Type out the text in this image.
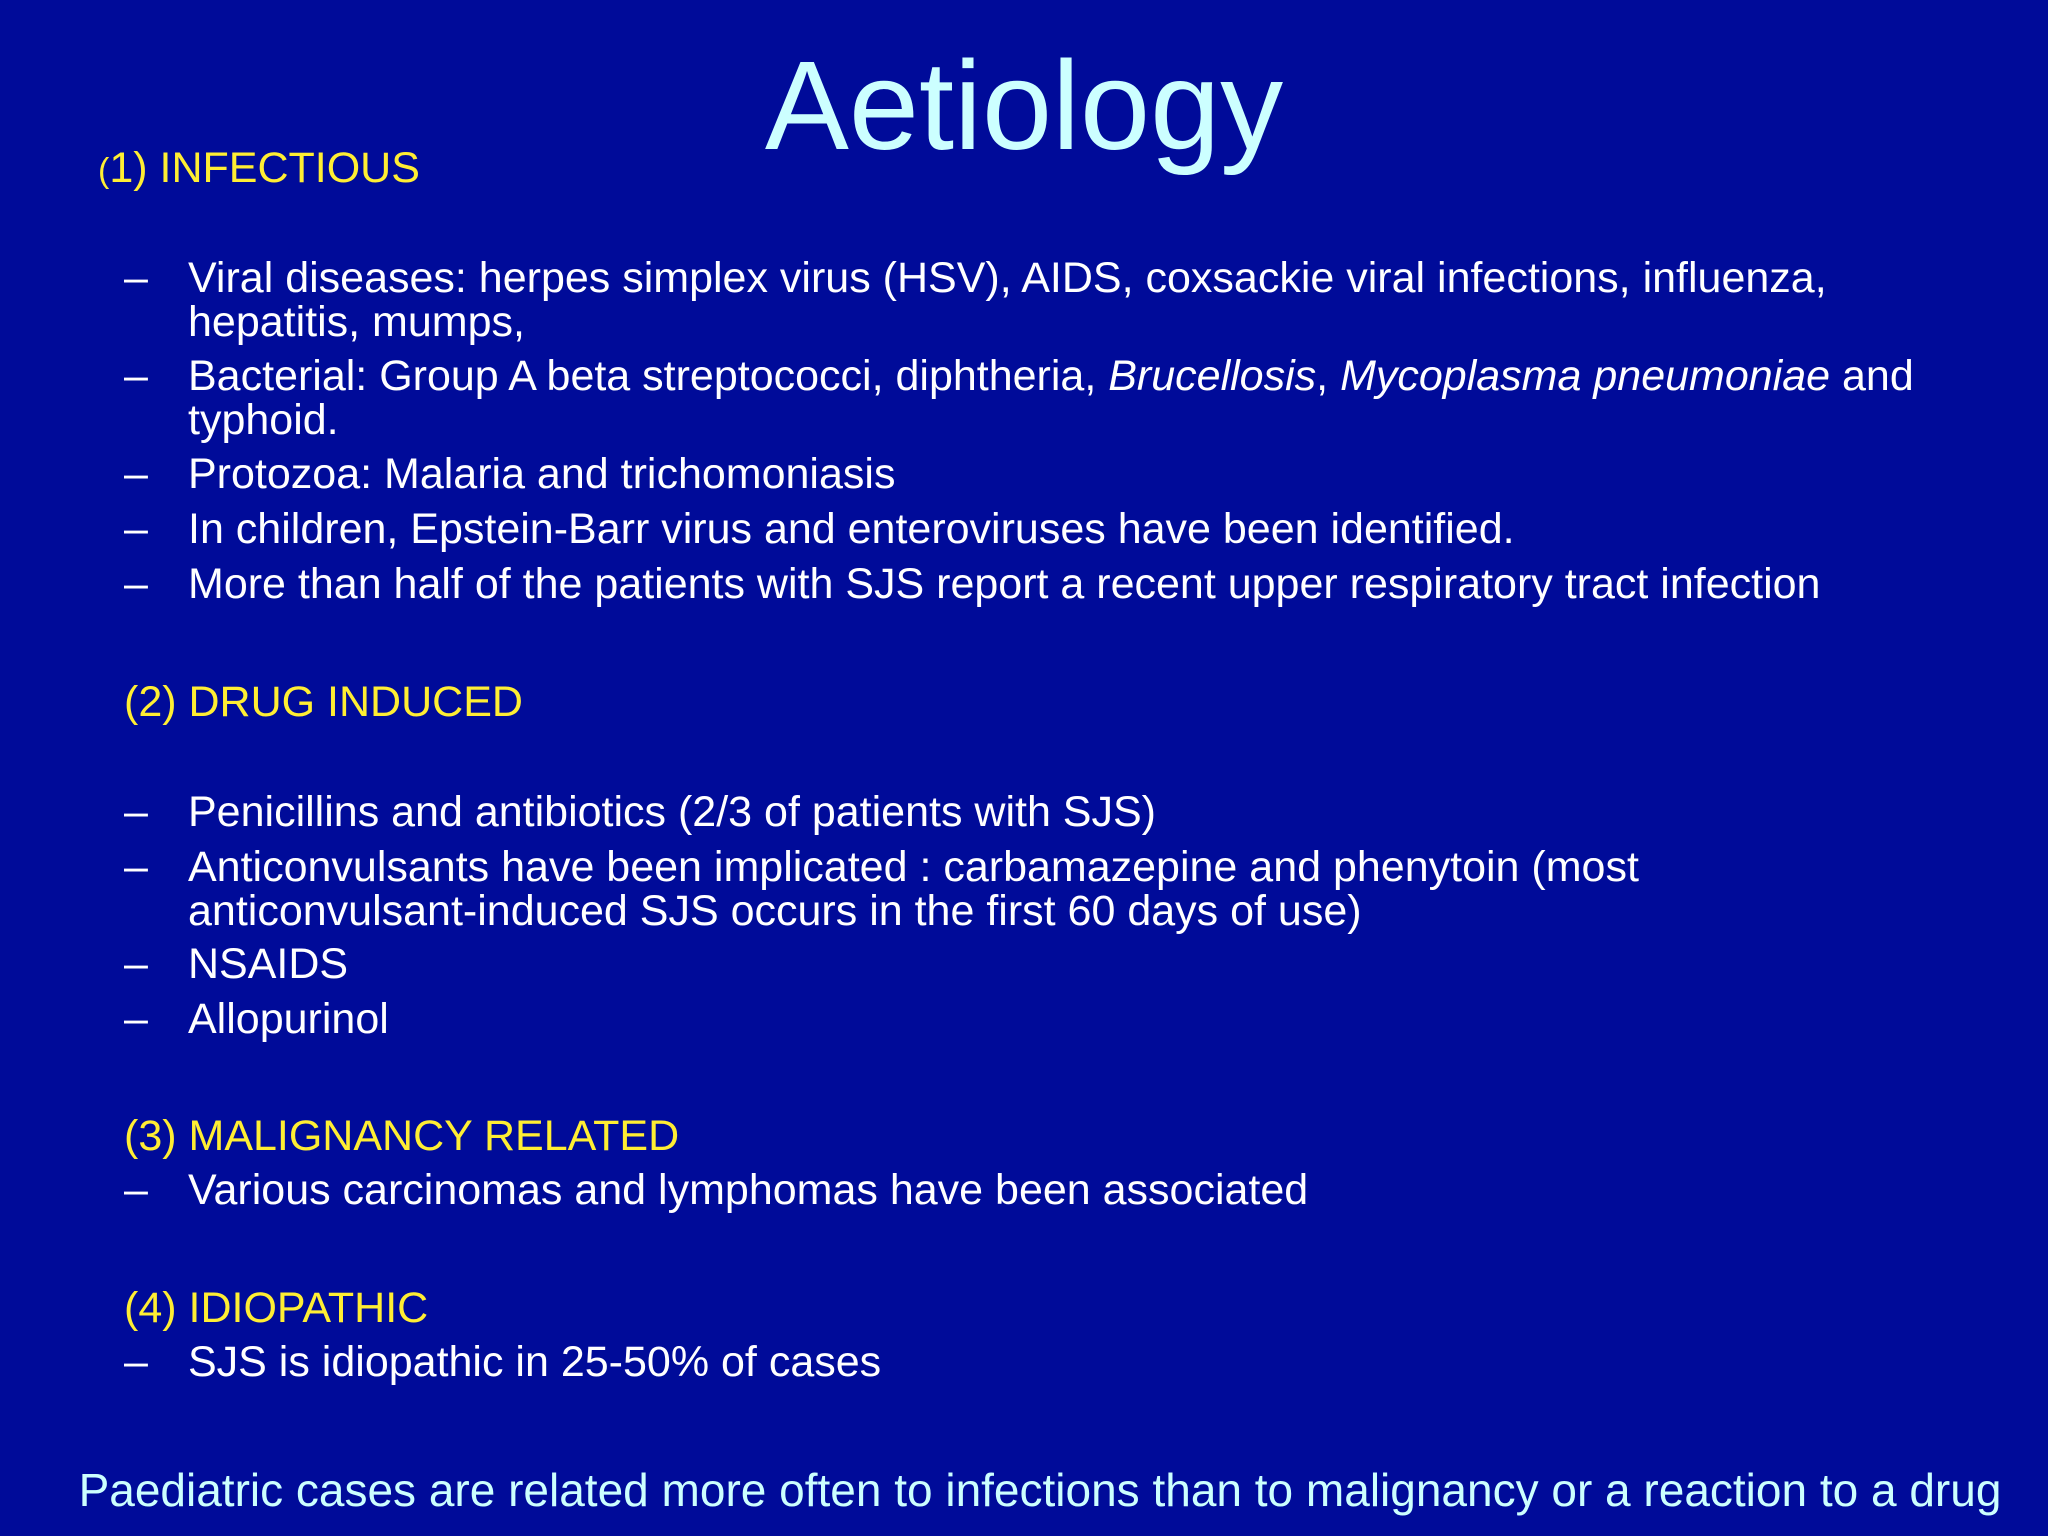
Aetiology
(1) INFECTIOUS
– Viral diseases: herpes simplex virus (HSV), AIDS, coxsackie viral infections, influenza,
hepatitis, mumps,
– Bacterial: Group A beta streptococci, diphtheria, Brucellosis, Mycoplasma pneumoniae and
typhoid.
– Protozoa: Malaria and trichomoniasis
– In children, Epstein-Barr virus and enteroviruses have been identified.
– More than half of the patients with SJS report a recent upper respiratory tract infection
(2) DRUG INDUCED
– Penicillins and antibiotics (2/3 of patients with SJS)
– Anticonvulsants have been implicated : carbamazepine and phenytoin (most
anticonvulsant-induced SJS occurs in the first 60 days of use)
– NSAIDS
– Allopurinol
(3) MALIGNANCY RELATED
– Various carcinomas and lymphomas have been associated
(4) IDIOPATHIC
– SJS is idiopathic in 25-50% of cases
Paediatric cases are related more often to infections than to malignancy or a reaction to a drug
